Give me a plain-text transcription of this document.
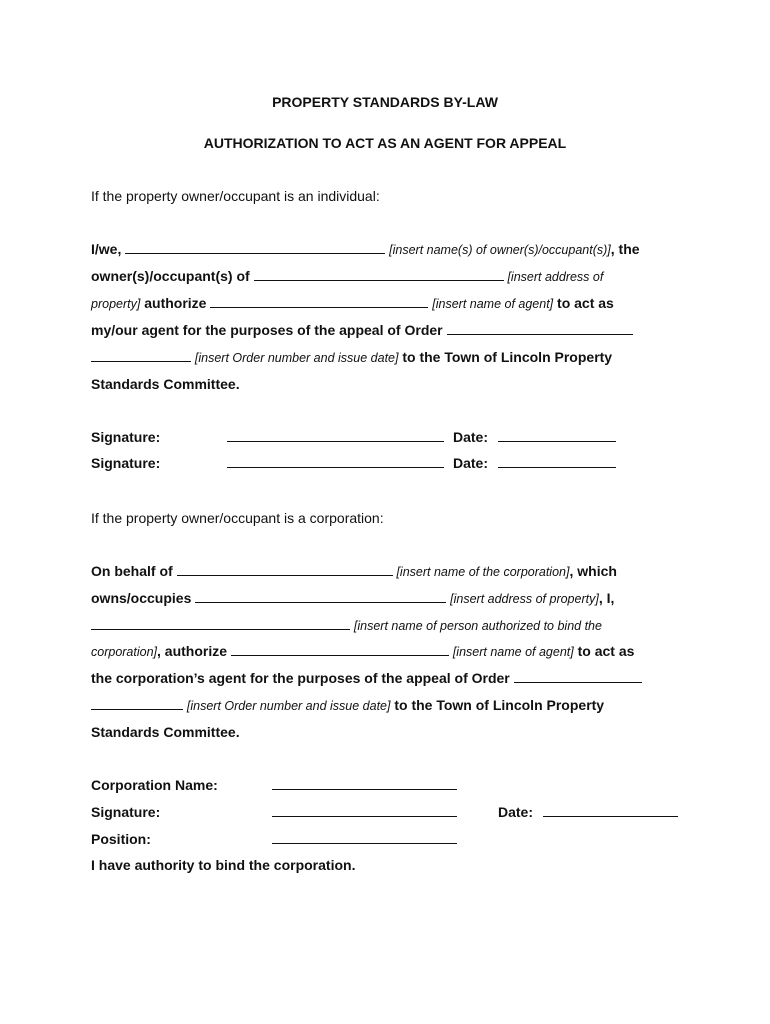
PROPERTY STANDARDS BY-LAW
AUTHORIZATION TO ACT AS AN AGENT FOR APPEAL
If the property owner/occupant is an individual:
I/we,	[insert name(s) of owner(s)/occupant(s)], the
owner(s)/occupant(s) of	[insert address of
property] authorize	[insert name of agent] to act as
my/our agent for the purposes of the appeal of Order
[insert Order number and issue date] to the Town of Lincoln Property
Standards Committee.
Signature:	Date:
Signature:	Date:
If the property owner/occupant is a corporation:
On behalf of	[insert name of the corporation], which
owns/occupies	[insert address of property], I,
[insert name of person authorized to bind the
corporation], authorize	[insert name of agent] to act as
the corporation’s agent for the purposes of the appeal of Order
[insert Order number and issue date] to the Town of Lincoln Property
Standards Committee.
Corporation Name:
Signature:	Date:
Position:
I have authority to bind the corporation.
